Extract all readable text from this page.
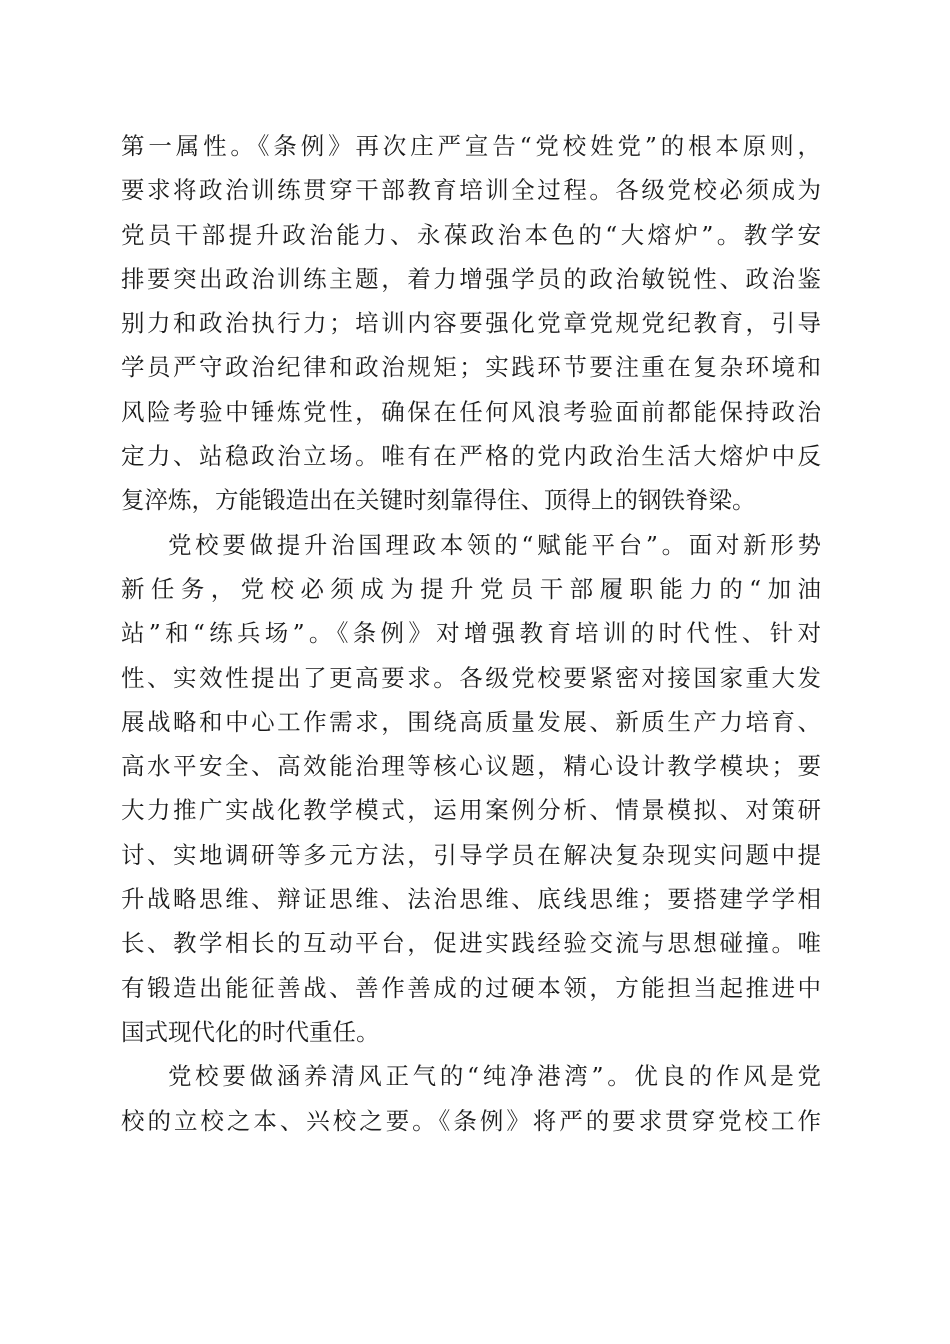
第一属性。《条例》再次庄严宣告“党校姓党”的根本原则，
要求将政治训练贯穿干部教育培训全过程。各级党校必须成为
党员干部提升政治能力、永葆政治本色的“大熔炉”。教学安
排要突出政治训练主题，着力增强学员的政治敏锐性、政治鉴
别力和政治执行力；培训内容要强化党章党规党纪教育，引导
学员严守政治纪律和政治规矩；实践环节要注重在复杂环境和
风险考验中锤炼党性，确保在任何风浪考验面前都能保持政治
定力、站稳政治立场。唯有在严格的党内政治生活大熔炉中反
复淬炼，方能锻造出在关键时刻靠得住、顶得上的钢铁脊梁。
党校要做提升治国理政本领的“赋能平台”。面对新形势
新任务，党校必须成为提升党员干部履职能力的“加油
站”和“练兵场”。《条例》对增强教育培训的时代性、针对
性、实效性提出了更高要求。各级党校要紧密对接国家重大发
展战略和中心工作需求，围绕高质量发展、新质生产力培育、
高水平安全、高效能治理等核心议题，精心设计教学模块；要
大力推广实战化教学模式，运用案例分析、情景模拟、对策研
讨、实地调研等多元方法，引导学员在解决复杂现实问题中提
升战略思维、辩证思维、法治思维、底线思维；要搭建学学相
长、教学相长的互动平台，促进实践经验交流与思想碰撞。唯
有锻造出能征善战、善作善成的过硬本领，方能担当起推进中
国式现代化的时代重任。
党校要做涵养清风正气的“纯净港湾”。优良的作风是党
校的立校之本、兴校之要。《条例》将严的要求贯穿党校工作
